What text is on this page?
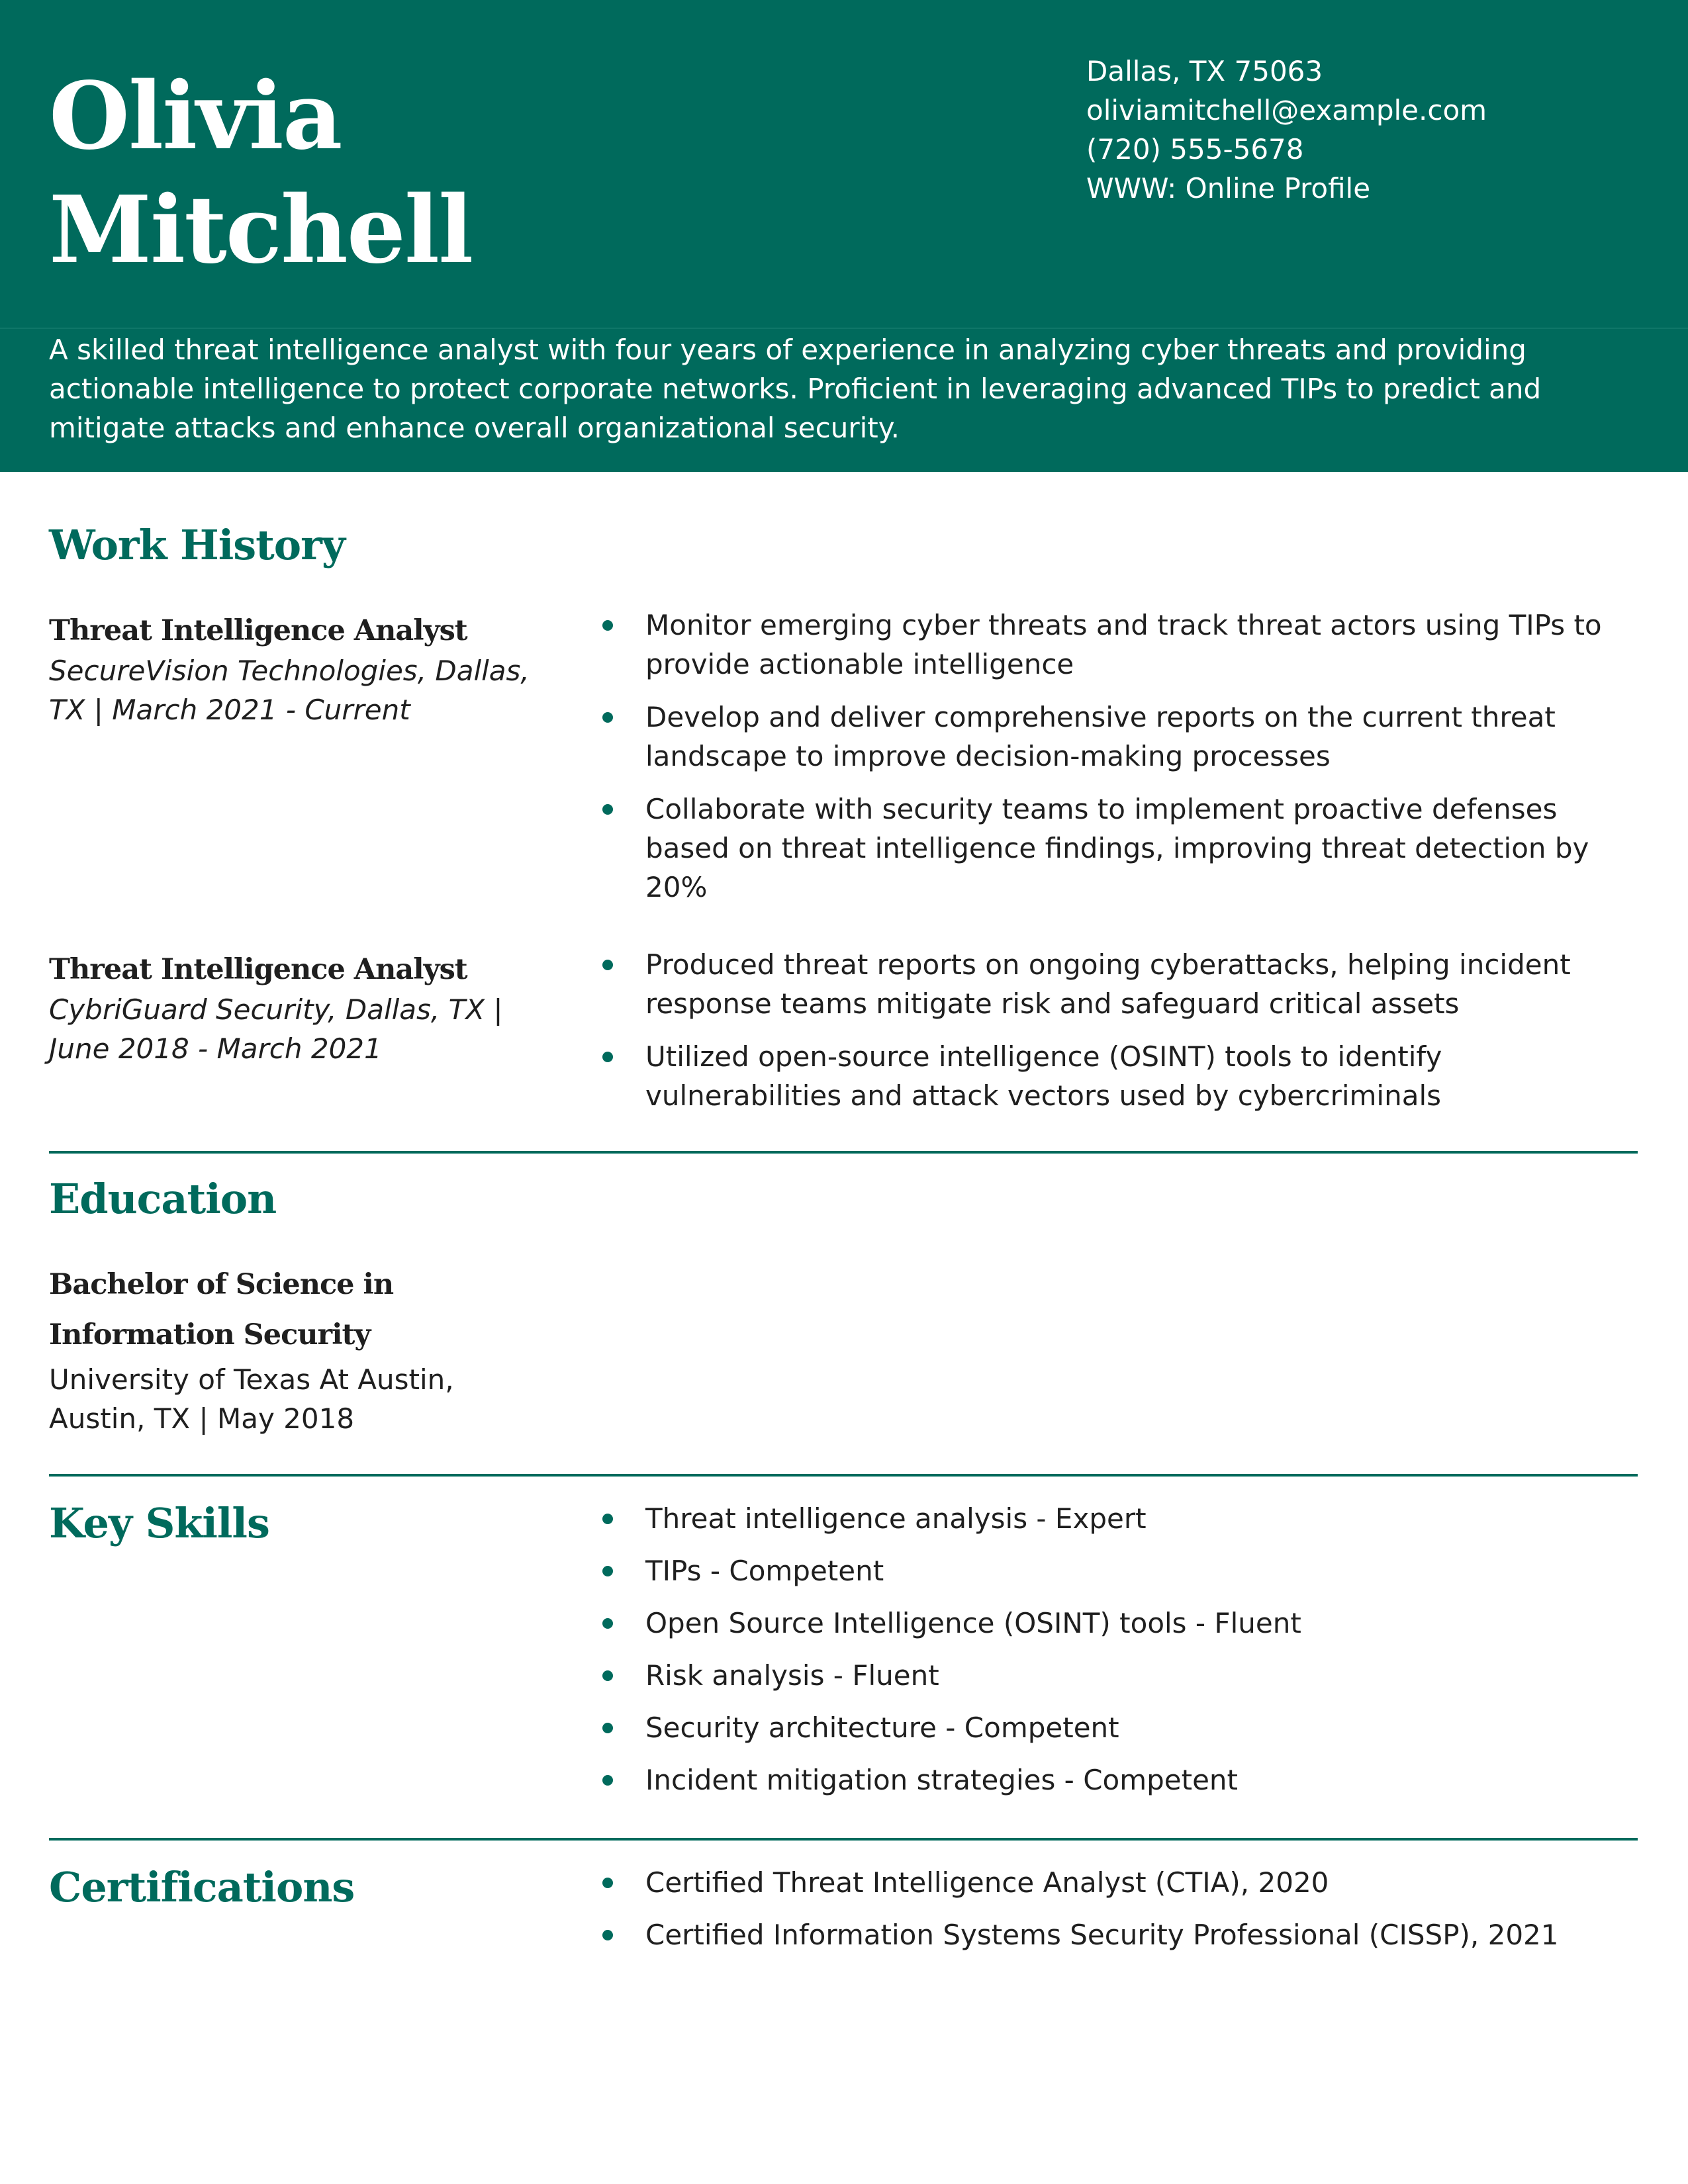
Olivia
Mitchell
Dallas, TX 75063
oliviamitchell@example.com
(720) 555-5678
WWW: Online Profile

A skilled threat intelligence analyst with four years of experience in analyzing cyber threats and providing actionable intelligence to protect corporate networks. Proficient in leveraging advanced TIPs to predict and mitigate attacks and enhance overall organizational security.

Work History
Threat Intelligence Analyst
SecureVision Technologies, Dallas, TX | March 2021 - Current
Monitor emerging cyber threats and track threat actors using TIPs to provide actionable intelligence
Develop and deliver comprehensive reports on the current threat landscape to improve decision-making processes
Collaborate with security teams to implement proactive defenses based on threat intelligence findings, improving threat detection by 20%
Threat Intelligence Analyst
CybriGuard Security, Dallas, TX | June 2018 - March 2021
Produced threat reports on ongoing cyberattacks, helping incident response teams mitigate risk and safeguard critical assets
Utilized open-source intelligence (OSINT) tools to identify vulnerabilities and attack vectors used by cybercriminals
Education
Bachelor of Science in
Information Security
University of Texas At Austin,
Austin, TX | May 2018
Key Skills	Threat intelligence analysis - Expert
TIPs - Competent
Open Source Intelligence (OSINT) tools - Fluent
Risk analysis - Fluent
Security architecture - Competent
Incident mitigation strategies - Competent
Certifications	Certified Threat Intelligence Analyst (CTIA), 2020
Certified Information Systems Security Professional (CISSP), 2021
